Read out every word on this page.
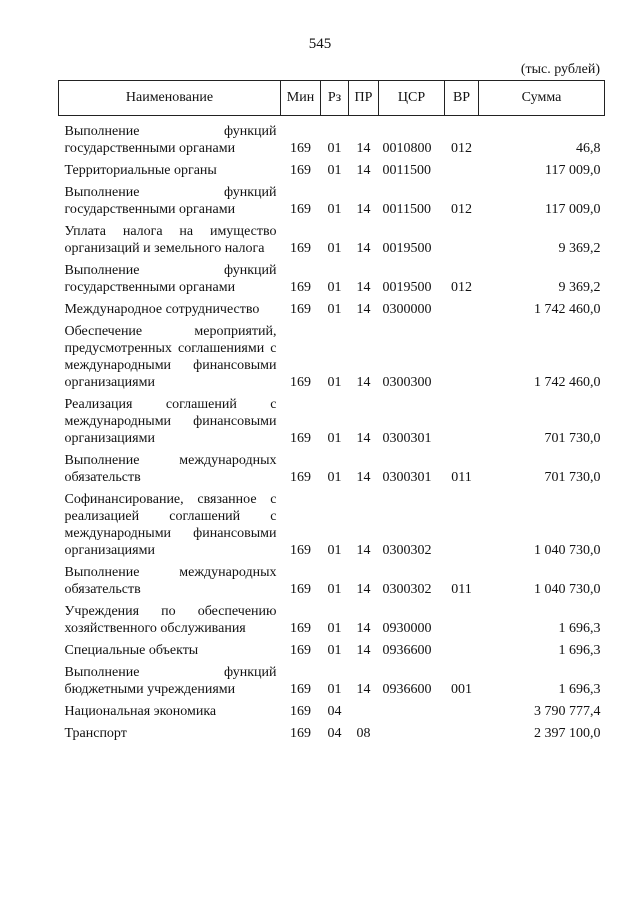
545
(тыс. рублей)
Наименование	Мин	Рз	ПР	ЦСР	ВР	Сумма
Выполнение функций государственными органами	169	01	14	0010800	012	46,8
Территориальные органы	169	01	14	0011500		117 009,0
Выполнение функций государственными органами	169	01	14	0011500	012	117 009,0
Уплата налога на имущество организаций и земельного налога	169	01	14	0019500		9 369,2
Выполнение функций государственными органами	169	01	14	0019500	012	9 369,2
Международное сотрудничество	169	01	14	0300000		1 742 460,0
Обеспечение мероприятий, предусмотренных соглашениями с международными финансовыми организациями	169	01	14	0300300		1 742 460,0
Реализация соглашений с международными финансовыми организациями	169	01	14	0300301		701 730,0
Выполнение международных обязательств	169	01	14	0300301	011	701 730,0
Софинансирование, связанное с реализацией соглашений с международными финансовыми организациями	169	01	14	0300302		1 040 730,0
Выполнение международных обязательств	169	01	14	0300302	011	1 040 730,0
Учреждения по обеспечению хозяйственного обслуживания	169	01	14	0930000		1 696,3
Специальные объекты	169	01	14	0936600		1 696,3
Выполнение функций бюджетными учреждениями	169	01	14	0936600	001	1 696,3
Национальная экономика	169	04				3 790 777,4
Транспорт	169	04	08			2 397 100,0
